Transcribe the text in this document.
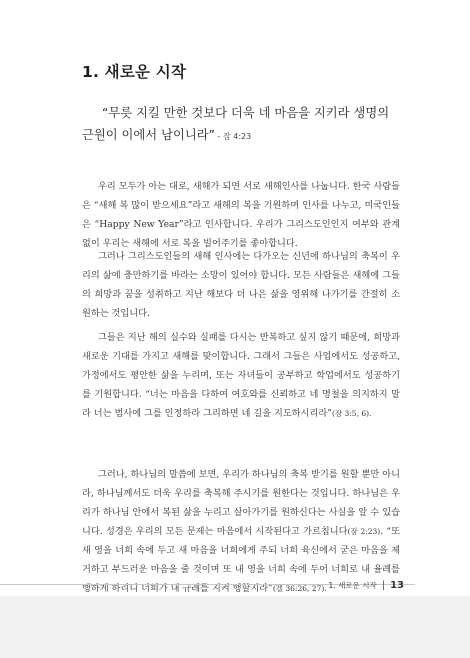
1. 새로운 시작

“무릇 지킬 만한 것보다 더욱 네 마음을 지키라 생명의 근원이 이에서 남이니라” - 잠 4:23

우리 모두가 아는 대로, 새해가 되면 서로 새해인사를 나눕니다. 한국 사람들은 “새해 복 많이 받으세요”라고 새해의 복을 기원하며 인사를 나누고, 미국인들은 “Happy New Year”라고 인사합니다. 우리가 그리스도인인지 여부와 관계없이 우리는 새해에 서로 복을 빌어주기를 좋아합니다.

그러나 그리스도인들의 새해 인사에는 다가오는 신년에 하나님의 축복이 우리의 삶에 충만하기를 바라는 소망이 있어야 합니다. 모든 사람들은 새해에 그들의 희망과 꿈을 성취하고 지난 해보다 더 나은 삶을 영위해 나가기를 간절히 소원하는 것입니다.

그들은 지난 해의 실수와 실패를 다시는 반복하고 싶지 않기 때문에, 희망과 새로운 기대를 가지고 새해를 맞이합니다. 그래서 그들은 사업에서도 성공하고, 가정에서도 평안한 삶을 누리며, 또는 자녀들이 공부하고 학업에서도 성공하기를 기원합니다. “너는 마음을 다하여 여호와를 신뢰하고 네 명철을 의지하지 말라 너는 범사에 그를 인정하라 그리하면 네 길을 지도하시리라”(잠 3:5, 6).

그러나, 하나님의 말씀에 보면, 우리가 하나님의 축복 받기를 원할 뿐만 아니라, 하나님께서도 더욱 우리를 축복해 주시기를 원한다는 것입니다. 하나님은 우리가 하나님 안에서 복된 삶을 누리고 살아가기를 원하신다는 사실을 알 수 있습니다. 성경은 우리의 모든 문제는 마음에서 시작된다고 가르칩니다(잠 2:23). “또 새 영을 너희 속에 두고 새 마음을 너희에게 주되 너희 육신에서 굳은 마음을 제거하고 부드러운 마음을 줄 것이며 또 내 영을 너희 속에 두어 너희로 내 율례를 행하게 하리니 너희가 내 규례를 지켜 행할지라”(겔 36:26, 27). 1. 새로운 시작 | 13
